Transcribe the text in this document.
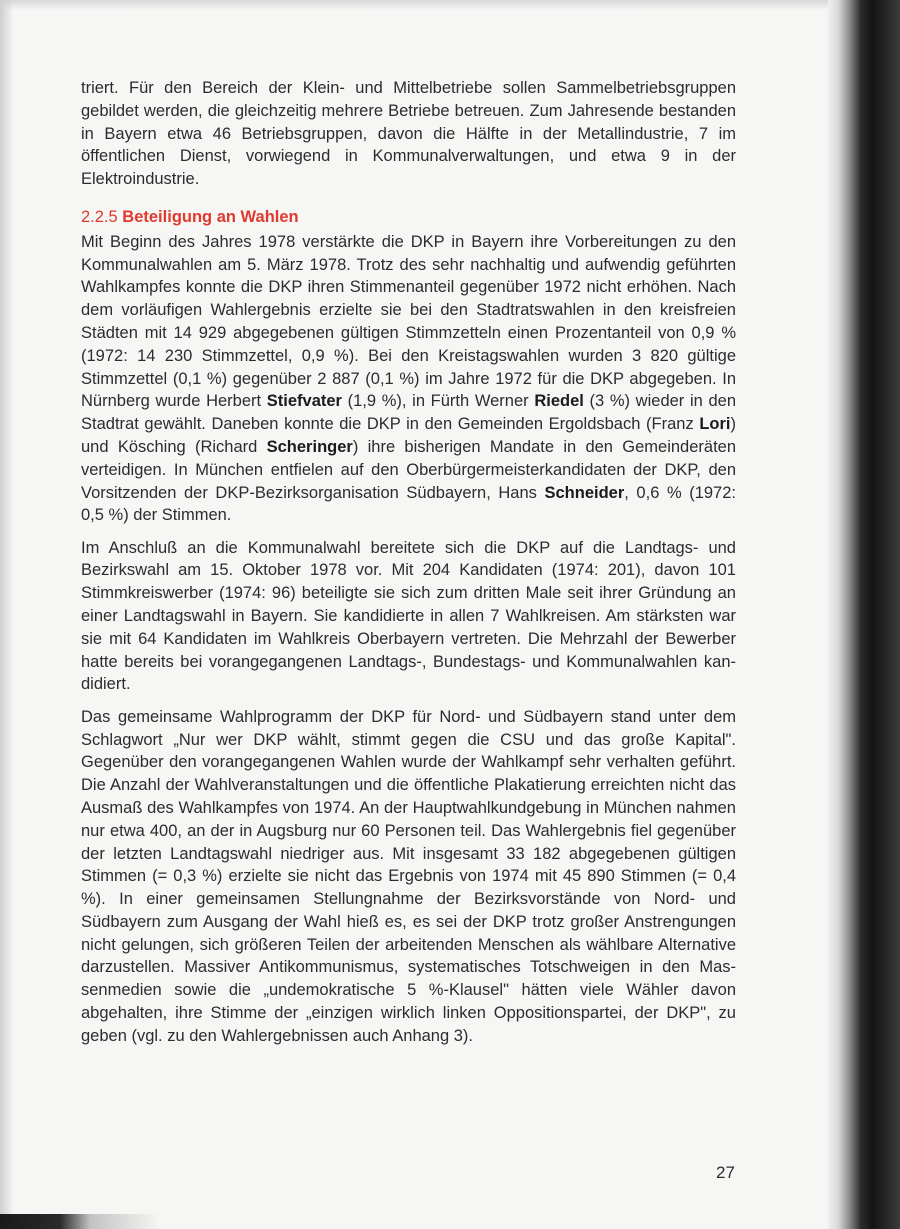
triert. Für den Bereich der Klein- und Mittelbetriebe sollen Sammelbetriebsgruppen gebildet werden, die gleichzeitig mehrere Betriebe betreuen. Zum Jahresende bestanden in Bayern etwa 46 Betriebsgruppen, davon die Hälfte in der Metallindustrie, 7 im öffentlichen Dienst, vorwiegend in Kommunalverwaltungen, und etwa 9 in der Elektroindustrie.

2.2.5 Beteiligung an Wahlen

Mit Beginn des Jahres 1978 verstärkte die DKP in Bayern ihre Vorbereitungen zu den Kommunalwahlen am 5. März 1978. Trotz des sehr nachhaltig und aufwendig geführten Wahlkampfes konnte die DKP ihren Stimmenanteil gegenüber 1972 nicht erhöhen. Nach dem vorläufigen Wahlergebnis erzielte sie bei den Stadtratswahlen in den kreisfreien Städten mit 14 929 abgegebenen gültigen Stimmzetteln einen Prozentanteil von 0,9 % (1972: 14 230 Stimmzettel, 0,9 %). Bei den Kreistagswahlen wurden 3 820 gültige Stimmzettel (0,1 %) gegenüber 2 887 (0,1 %) im Jahre 1972 für die DKP abgegeben. In Nürnberg wurde Herbert Stiefvater (1,9 %), in Fürth Werner Riedel (3 %) wieder in den Stadtrat gewählt. Daneben konnte die DKP in den Gemeinden Ergoldsbach (Franz Lori) und Kösching (Richard Scheringer) ihre bisherigen Mandate in den Gemeinderäten verteidigen. In München entfielen auf den Oberbürgermeisterkandidaten der DKP, den Vorsitzenden der DKP-Bezirksorganisation Südbayern, Hans Schneider, 0,6 % (1972: 0,5 %) der Stimmen.

Im Anschluß an die Kommunalwahl bereitete sich die DKP auf die Landtags- und Bezirkswahl am 15. Oktober 1978 vor. Mit 204 Kandidaten (1974: 201), davon 101 Stimmkreiswerber (1974: 96) beteiligte sie sich zum dritten Male seit ihrer Gründung an einer Landtagswahl in Bayern. Sie kandidierte in allen 7 Wahlkreisen. Am stärksten war sie mit 64 Kandidaten im Wahlkreis Oberbayern vertreten. Die Mehrzahl der Bewerber hatte bereits bei vorangegangenen Landtags-, Bundestags- und Kommunalwahlen kandidiert.

Das gemeinsame Wahlprogramm der DKP für Nord- und Südbayern stand unter dem Schlagwort „Nur wer DKP wählt, stimmt gegen die CSU und das große Kapital". Gegenüber den vorangegangenen Wahlen wurde der Wahlkampf sehr verhalten geführt. Die Anzahl der Wahlveranstaltungen und die öffentliche Plakatierung erreichten nicht das Ausmaß des Wahlkampfes von 1974. An der Hauptwahlkundgebung in München nahmen nur etwa 400, an der in Augsburg nur 60 Personen teil. Das Wahlergebnis fiel gegenüber der letzten Landtagswahl niedriger aus. Mit insgesamt 33 182 abgegebenen gültigen Stimmen (= 0,3 %) erzielte sie nicht das Ergebnis von 1974 mit 45 890 Stimmen (= 0,4 %). In einer gemeinsamen Stellungnahme der Bezirksvorstände von Nord- und Südbayern zum Ausgang der Wahl hieß es, es sei der DKP trotz großer Anstrengungen nicht gelungen, sich größeren Teilen der arbeitenden Menschen als wählbare Alternative darzustellen. Massiver Antikommunismus, systematisches Totschweigen in den Massenmedien sowie die „undemokratische 5 %-Klausel" hätten viele Wähler davon abgehalten, ihre Stimme der „einzigen wirklich linken Oppositionspartei, der DKP", zu geben (vgl. zu den Wahlergebnissen auch Anhang 3).

27
